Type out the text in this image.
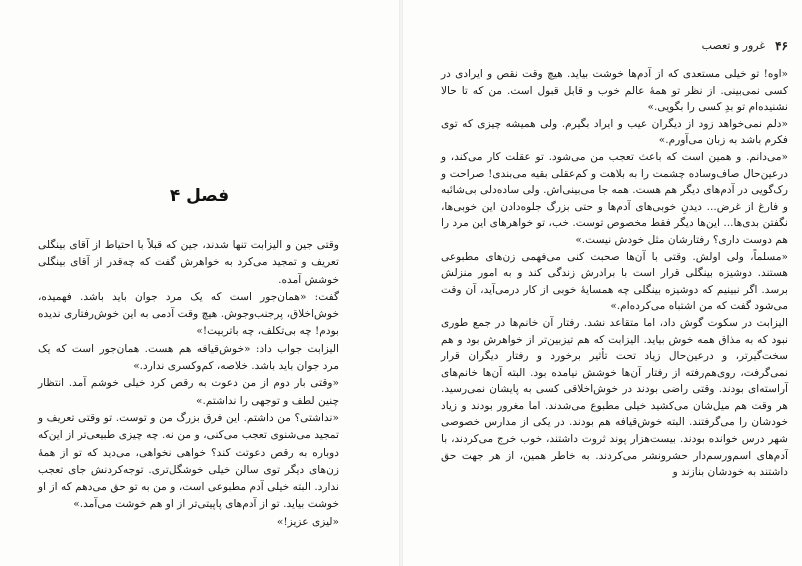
۴۶
غرور و تعصب

«اوه! تو خیلی مستعدی که از آدم‌ها خوشت بیاید. هیچ وقت نقص و ایرادی در کسی نمی‌بینی. از نظر تو همهٔ عالم خوب و قابل قبول است. من که تا حالا نشنیده‌ام تو بدِ کسی را بگویی.»

«دلم نمی‌خواهد زود از دیگران عیب و ایراد بگیرم. ولی همیشه چیزی که توی فکرم باشد به زبان می‌آورم.»

«می‌دانم. و همین است که باعث تعجب من می‌شود. تو عقلت کار می‌کند، و درعین‌حال صاف‌وساده چشمت را به بلاهت و کم‌عقلی بقیه می‌بندی! صراحت و رک‌گویی در آدم‌های دیگر هم هست. همه جا می‌بینی‌اش. ولی ساده‌دلی بی‌شائبه و فارغ از غرض... دیدنِ خوبی‌های آدم‌ها و حتی بزرگ جلوه‌دادن این خوبی‌ها، نگفتن بدی‌ها... این‌ها دیگر فقط مخصوص توست. خب، تو خواهرهای این مرد را هم دوست داری؟ رفتارشان مثل خودش نیست.»

«مسلماً، ولی اولش. وقتی با آن‌ها صحبت کنی می‌فهمی زن‌های مطبوعی هستند. دوشیزه بینگلی قرار است با برادرش زندگی کند و به امور منزلش برسد. اگر نبینیم که دوشیزه بینگلی چه همسایهٔ خوبی از کار درمی‌آید، آن وقت می‌شود گفت که من اشتباه می‌کرده‌ام.»

الیزابت در سکوت گوش داد، اما متقاعد نشد. رفتار آن خانم‌ها در جمع طوری نبود که به مذاق همه خوش بیاید. الیزابت که هم تیزبین‌تر از خواهرش بود و هم سخت‌گیرتر، و درعین‌حال زیاد تحت تأثیر برخورد و رفتار دیگران قرار نمی‌گرفت، روی‌هم‌رفته از رفتار آن‌ها خوشش نیامده بود. البته آن‌ها خانم‌های آراسته‌ای بودند. وقتی راضی بودند در خوش‌اخلاقی کسی به پایشان نمی‌رسید. هر وقت هم میل‌شان می‌کشید خیلی مطبوع می‌شدند. اما مغرور بودند و زیاد خودشان را می‌گرفتند. البته خوش‌قیافه هم بودند. در یکی از مدارس خصوصی شهر درس خوانده بودند. بیست‌هزار پوند ثروت داشتند، خوب خرج می‌کردند، با آدم‌های اسم‌ورسم‌دار حشرونشر می‌کردند. به خاطر همین، از هر جهت حق داشتند به خودشان بنازند و

فصل ۴

وقتی جین و الیزابت تنها شدند، جین که قبلاً با احتیاط از آقای بینگلی تعریف و تمجید می‌کرد به خواهرش گفت که چه‌قدر از آقای بینگلی خوشش آمده.

گفت: «همان‌جور است که یک مرد جوان باید باشد. فهمیده، خوش‌اخلاق، پرجنب‌وجوش. هیچ وقت آدمی به این خوش‌رفتاری ندیده بودم! چه بی‌تکلف، چه باتربیت!»

الیزابت جواب داد: «خوش‌قیافه هم هست. همان‌جور است که یک مرد جوان باید باشد. خلاصه، کم‌وکسری ندارد.»

«وقتی بار دوم از من دعوت به رقص کرد خیلی خوشم آمد. انتظار چنین لطف و توجهی را نداشتم.»

«نداشتی؟ من داشتم. این فرق بزرگ من و توست. تو وقتی تعریف و تمجید می‌شنوی تعجب می‌کنی، و من نه. چه چیزی طبیعی‌تر از این‌که دوباره به رقص دعوتت کند؟ خواهی نخواهی، می‌دید که تو از همهٔ زن‌های دیگر توی سالن خیلی خوشگل‌تری. توجه‌کردنش جای تعجب ندارد. البته خیلی آدم مطبوعی است، و من به تو حق می‌دهم که از او خوشت بیاید. تو از آدم‌های پاپیتی‌تر از او هم خوشت می‌آمد.»

«لیزی عزیز!»
